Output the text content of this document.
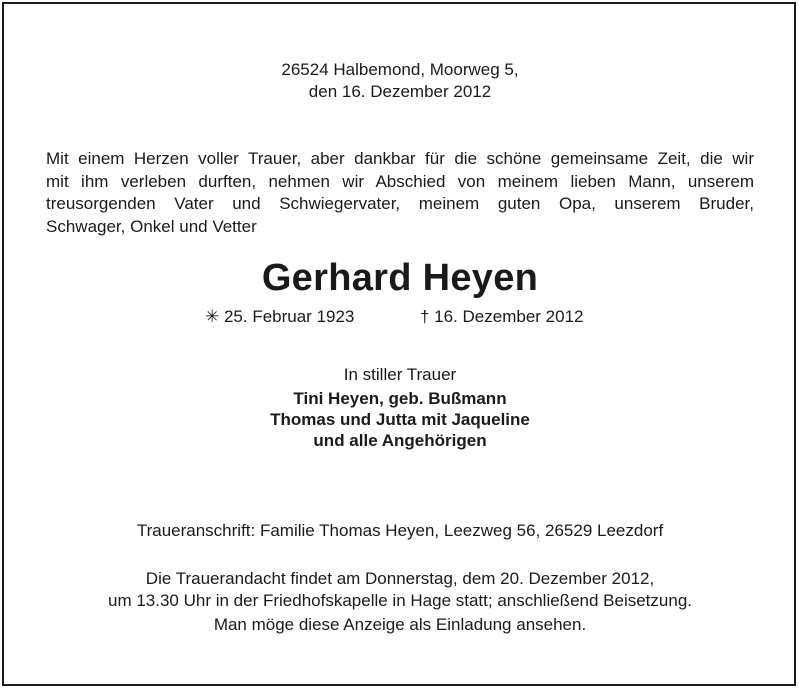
26524 Halbemond, Moorweg 5,
den 16. Dezember 2012
Mit einem Herzen voller Trauer, aber dankbar für die schöne gemeinsame Zeit, die wir
mit ihm verleben durften, nehmen wir Abschied von meinem lieben Mann, unserem
treusorgenden Vater und Schwiegervater, meinem guten Opa, unserem Bruder,
Schwager, Onkel und Vetter
Gerhard Heyen
✳ 25. Februar 1923	† 16. Dezember 2012
In stiller Trauer
Tini Heyen, geb. Bußmann
Thomas und Jutta mit Jaqueline
und alle Angehörigen
Traueranschrift: Familie Thomas Heyen, Leezweg 56, 26529 Leezdorf
Die Trauerandacht findet am Donnerstag, dem 20. Dezember 2012,
um 13.30 Uhr in der Friedhofskapelle in Hage statt; anschließend Beisetzung.
Man möge diese Anzeige als Einladung ansehen.
